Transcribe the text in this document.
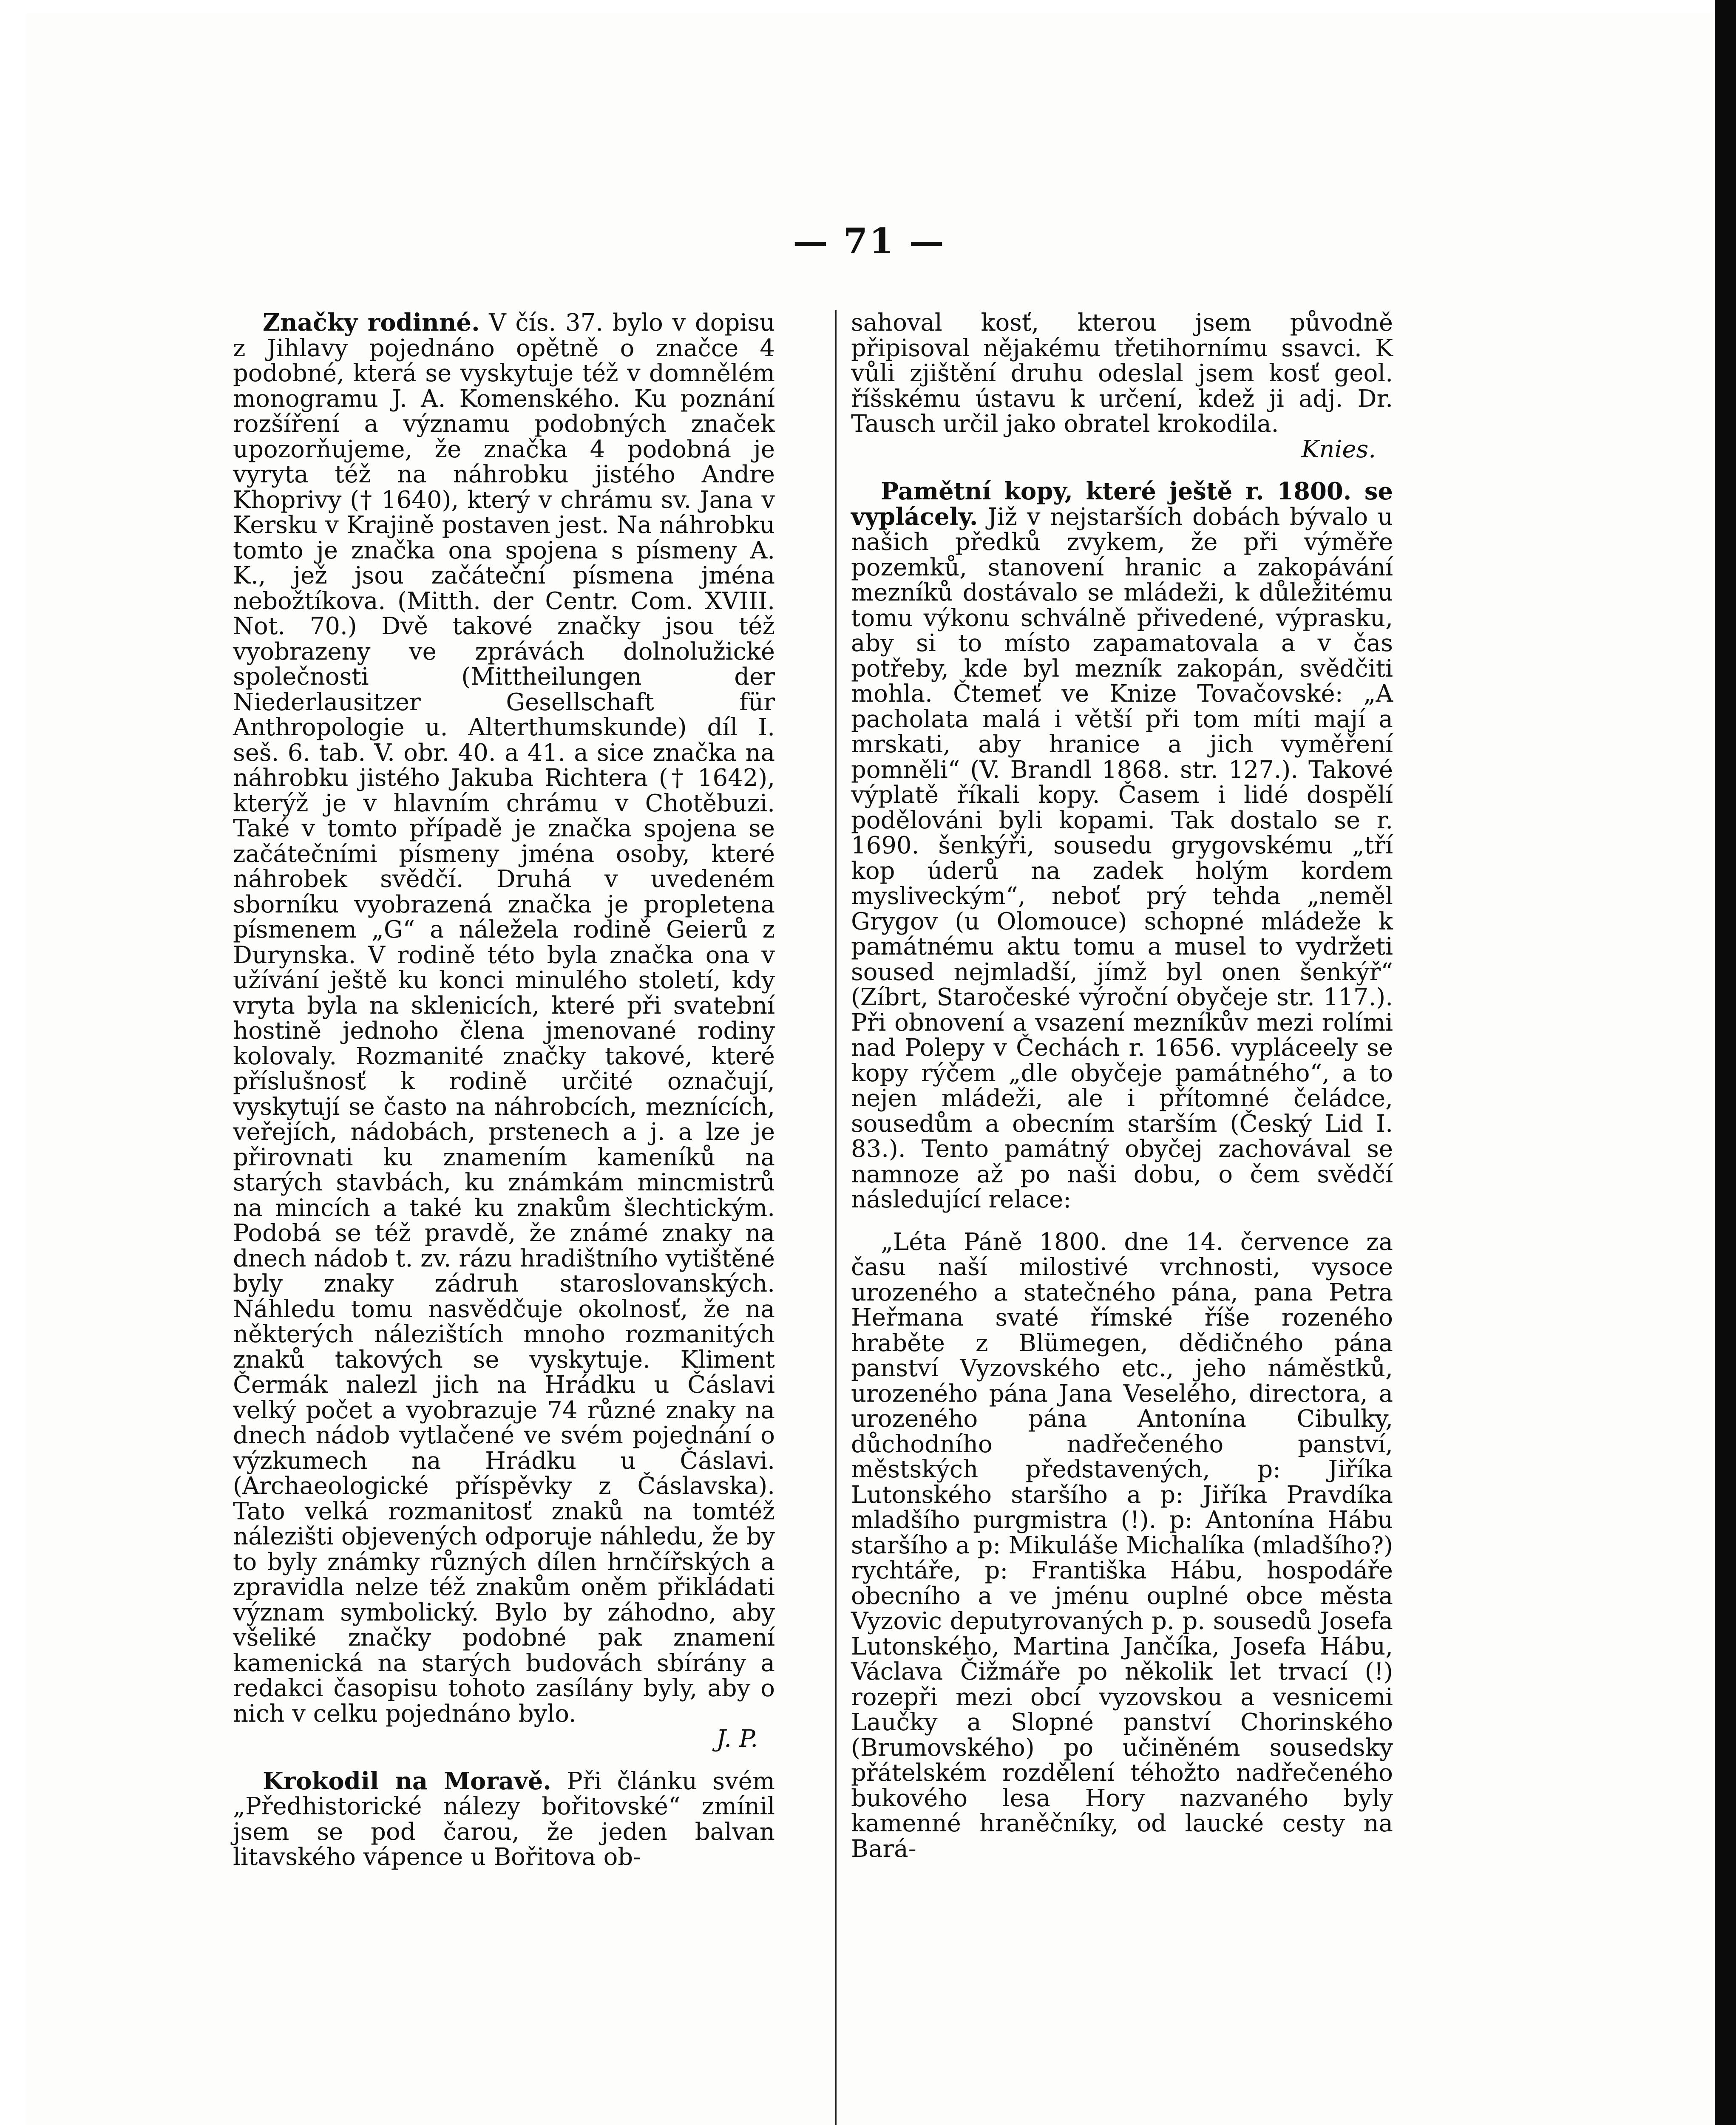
— 71 —

Značky rodinné. V čís. 37. bylo v dopisu z Jihlavy pojednáno opětně o značce 4 podobné, která se vyskytuje též v domnělém monogramu J. A. Komenského. Ku poznání rozšíření a významu podobných značek upozorňujeme, že značka 4 podobná je vyryta též na náhrobku jistého Andre Khoprivy († 1640), který v chrámu sv. Jana v Kersku v Krajině postaven jest. Na náhrobku tomto je značka ona spojena s písmeny A. K., jež jsou začáteční písmena jména nebožtíkova. (Mitth. der Centr. Com. XVIII. Not. 70.) Dvě takové značky jsou též vyobrazeny ve zprávách dolnolužické společnosti (Mittheilungen der Niederlausitzer Gesellschaft für Anthropologie u. Alterthumskunde) díl I. seš. 6. tab. V. obr. 40. a 41. a sice značka na náhrobku jistého Jakuba Richtera († 1642), kterýž je v hlavním chrámu v Chotěbuzi. Také v tomto případě je značka spojena se začátečními písmeny jména osoby, které náhrobek svědčí. Druhá v uvedeném sborníku vyobrazená značka je propletena písmenem „G“ a náležela rodině Geierů z Durynska. V rodině této byla značka ona v užívání ještě ku konci minulého století, kdy vryta byla na sklenicích, které při svatební hostině jednoho člena jmenované rodiny kolovaly. Rozmanité značky takové, které příslušnosť k rodině určité označují, vyskytují se často na náhrobcích, meznících, veřejích, nádobách, prstenech a j. a lze je přirovnati ku znamením kameníků na starých stavbách, ku známkám mincmistrů na mincích a také ku znakům šlechtickým. Podobá se též pravdě, že známé znaky na dnech nádob t. zv. rázu hradištního vytištěné byly znaky zádruh staroslovanských. Náhledu tomu nasvědčuje okolnosť, že na některých nálezištích mnoho rozmanitých znaků takových se vyskytuje. Kliment Čermák nalezl jich na Hrádku u Čáslavi velký počet a vyobrazuje 74 různé znaky na dnech nádob vytlačené ve svém pojednání o výzkumech na Hrádku u Čáslavi. (Archaeologické příspěvky z Čáslavska). Tato velká rozmanitosť znaků na tomtéž nálezišti objevených odporuje náhledu, že by to byly známky různých dílen hrnčířských a zpravidla nelze též znakům oněm přikládati význam symbolický. Bylo by záhodno, aby všeliké značky podobné pak znamení kamenická na starých budovách sbírány a redakci časopisu tohoto zasílány byly, aby o nich v celku pojednáno bylo.
J. P.

Krokodil na Moravě. Při článku svém „Předhistorické nálezy bořitovské“ zmínil jsem se pod čarou, že jeden balvan litavského vápence u Bořitova ob-

sahoval kosť, kterou jsem původně připisoval nějakému třetihornímu ssavci. K vůli zjištění druhu odeslal jsem kosť geol. říšskému ústavu k určení, kdež ji adj. Dr. Tausch určil jako obratel krokodila.
Knies.

Pamětní kopy, které ještě r. 1800. se vyplácely. Již v nejstarších dobách bývalo u našich předků zvykem, že při výměře pozemků, stanovení hranic a zakopávání mezníků dostávalo se mládeži, k důležitému tomu výkonu schválně přivedené, výprasku, aby si to místo zapamatovala a v čas potřeby, kde byl mezník zakopán, svědčiti mohla. Čtemeť ve Knize Tovačovské: „A pacholata malá i větší při tom míti mají a mrskati, aby hranice a jich vyměření pomněli“ (V. Brandl 1868. str. 127.). Takové výplatě říkali kopy. Časem i lidé dospělí podělováni byli kopami. Tak dostalo se r. 1690. šenkýři, sousedu grygovskému „tří kop úderů na zadek holým kordem mysliveckým“, neboť prý tehda „neměl Grygov (u Olomouce) schopné mládeže k památnému aktu tomu a musel to vydržeti soused nejmladší, jímž byl onen šenkýř“ (Zíbrt, Staročeské výroční obyčeje str. 117.). Při obnovení a vsazení mezníkův mezi rolími nad Polepy v Čechách r. 1656. vypláceely se kopy rýčem „dle obyčeje památného“, a to nejen mládeži, ale i přítomné čeládce, sousedům a obecním starším (Český Lid I. 83.). Tento památný obyčej zachovával se namnoze až po naši dobu, o čem svědčí následující relace:

„Léta Páně 1800. dne 14. července za času naší milostivé vrchnosti, vysoce urozeného a statečného pána, pana Petra Heřmana svaté římské říše rozeného hraběte z Blümegen, dědičného pána panství Vyzovského etc., jeho náměstků, urozeného pána Jana Veselého, directora, a urozeného pána Antonína Cibulky, důchodního nadřečeného panství, městských představených, p: Jiříka Lutonského staršího a p: Jiříka Pravdíka mladšího purgmistra (!). p: Antonína Hábu staršího a p: Mikuláše Michalíka (mladšího?) rychtáře, p: Františka Hábu, hospodáře obecního a ve jménu ouplné obce města Vyzovic deputyrovaných p. p. sousedů Josefa Lutonského, Martina Jančíka, Josefa Hábu, Václava Čižmáře po několik let trvací (!) rozepři mezi obcí vyzovskou a vesnicemi Laučky a Slopné panství Chorinského (Brumovského) po učiněném sousedsky přátelském rozdělení téhožto nadřečeného bukového lesa Hory nazvaného byly kamenné hraněčníky, od laucké cesty na Bará-
